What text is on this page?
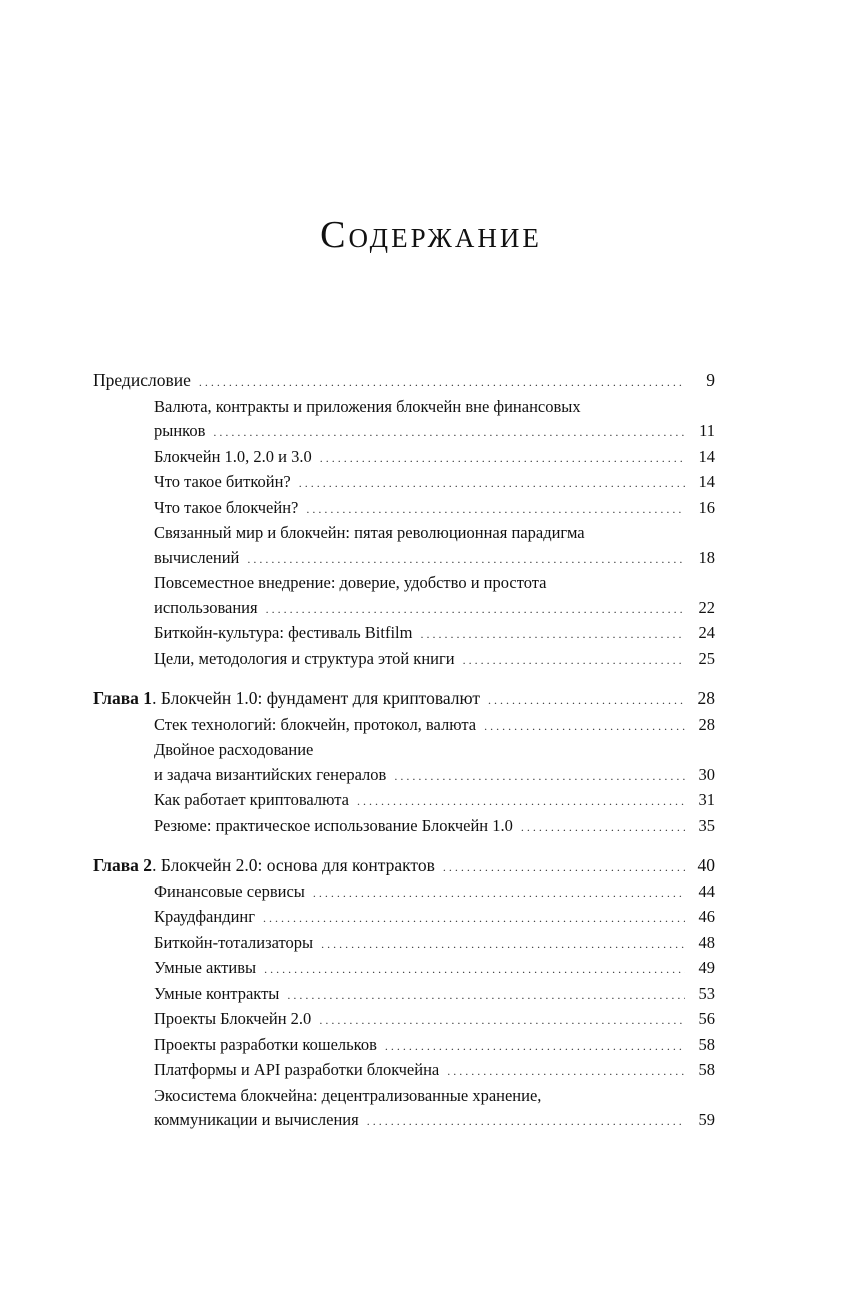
Содержание
Предисловие . . .	9
Валюта, контракты и приложения блокчейн вне финансовых
рынков . . .	11
Блокчейн 1.0, 2.0 и 3.0 . . .	14
Что такое биткойн? . . .	14
Что такое блокчейн? . . .	16
Связанный мир и блокчейн: пятая революционная парадигма
вычислений . . .	18
Повсеместное внедрение: доверие, удобство и простота
использования . . .	22
Биткойн-культура: фестиваль Bitfilm . . .	24
Цели, методология и структура этой книги . . .	25
Глава 1. Блокчейн 1.0: фундамент для криптовалют . . .	28
Стек технологий: блокчейн, протокол, валюта . . .	28
Двойное расходование
и задача византийских генералов . . .	30
Как работает криптовалюта . . .	31
Резюме: практическое использование Блокчейн 1.0 . . .	35
Глава 2. Блокчейн 2.0: основа для контрактов . . .	40
Финансовые сервисы . . .	44
Краудфандинг . . .	46
Биткойн-тотализаторы . . .	48
Умные активы . . .	49
Умные контракты . . .	53
Проекты Блокчейн 2.0 . . .	56
Проекты разработки кошельков . . .	58
Платформы и API разработки блокчейна . . .	58
Экосистема блокчейна: децентрализованные хранение,
коммуникации и вычисления . . .	59
